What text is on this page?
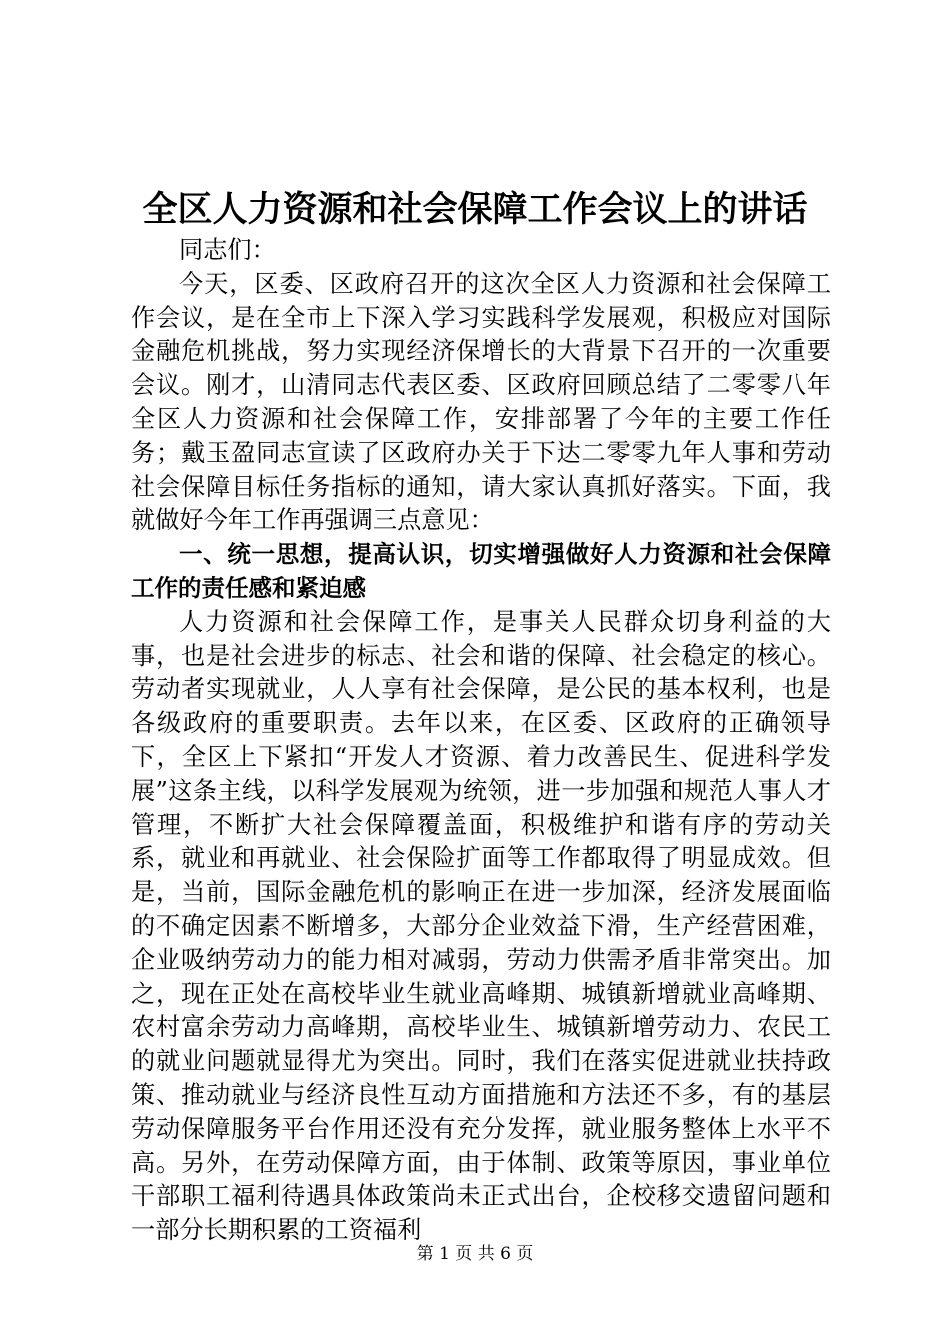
全区人力资源和社会保障工作会议上的讲话

同志们：

今天，区委、区政府召开的这次全区人力资源和社会保障工作会议，是在全市上下深入学习实践科学发展观，积极应对国际金融危机挑战，努力实现经济保增长的大背景下召开的一次重要会议。刚才，山清同志代表区委、区政府回顾总结了二零零八年全区人力资源和社会保障工作，安排部署了今年的主要工作任务；戴玉盈同志宣读了区政府办关于下达二零零九年人事和劳动社会保障目标任务指标的通知，请大家认真抓好落实。下面，我就做好今年工作再强调三点意见：

一、统一思想，提高认识，切实增强做好人力资源和社会保障工作的责任感和紧迫感

人力资源和社会保障工作，是事关人民群众切身利益的大事，也是社会进步的标志、社会和谐的保障、社会稳定的核心。劳动者实现就业，人人享有社会保障，是公民的基本权利，也是各级政府的重要职责。去年以来，在区委、区政府的正确领导下，全区上下紧扣“开发人才资源、着力改善民生、促进科学发展”这条主线，以科学发展观为统领，进一步加强和规范人事人才管理，不断扩大社会保障覆盖面，积极维护和谐有序的劳动关系，就业和再就业、社会保险扩面等工作都取得了明显成效。但是，当前，国际金融危机的影响正在进一步加深，经济发展面临的不确定因素不断增多，大部分企业效益下滑，生产经营困难，企业吸纳劳动力的能力相对减弱，劳动力供需矛盾非常突出。加之，现在正处在高校毕业生就业高峰期、城镇新增就业高峰期、农村富余劳动力高峰期，高校毕业生、城镇新增劳动力、农民工的就业问题就显得尤为突出。同时，我们在落实促进就业扶持政策、推动就业与经济良性互动方面措施和方法还不多，有的基层劳动保障服务平台作用还没有充分发挥，就业服务整体上水平不高。另外，在劳动保障方面，由于体制、政策等原因，事业单位干部职工福利待遇具体政策尚未正式出台，企校移交遗留问题和一部分长期积累的工资福利

第 1 页 共 6 页
